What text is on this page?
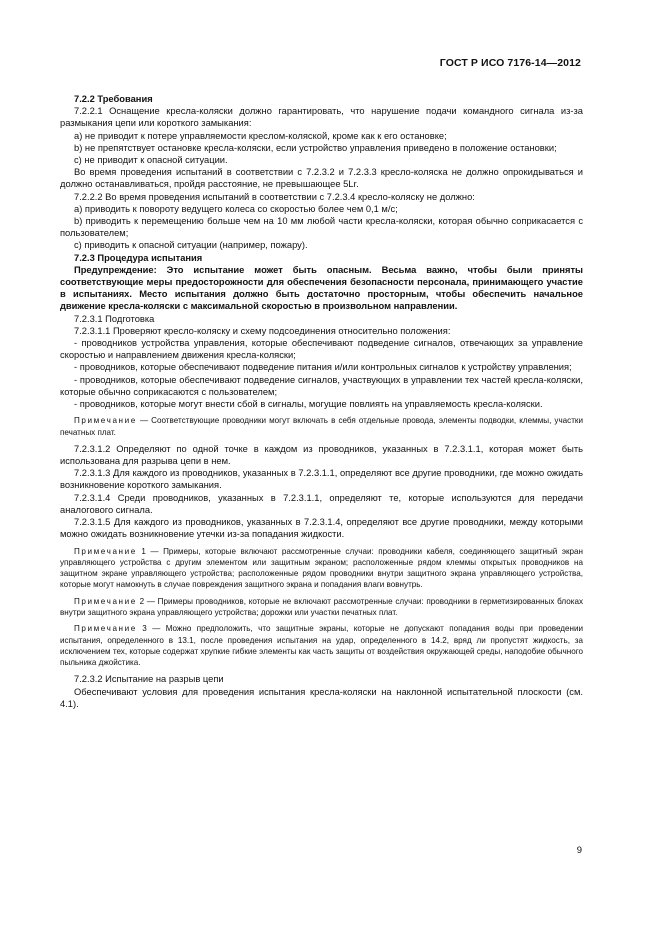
ГОСТ Р ИСО 7176-14—2012

7.2.2 Требования

7.2.2.1 Оснащение кресла-коляски должно гарантировать, что нарушение подачи командного сигнала из-за размыкания цепи или короткого замыкания:

a) не приводит к потере управляемости креслом-коляской, кроме как к его остановке;

b) не препятствует остановке кресла-коляски, если устройство управления приведено в положение остановки;

c) не приводит к опасной ситуации.

Во время проведения испытаний в соответствии с 7.2.3.2 и 7.2.3.3 кресло-коляска не должно опрокидываться и должно останавливаться, пройдя расстояние, не превышающее 5Lr.

7.2.2.2 Во время проведения испытаний в соответствии с 7.2.3.4 кресло-коляску не должно:

a) приводить к повороту ведущего колеса со скоростью более чем 0,1 м/с;

b) приводить к перемещению больше чем на 10 мм любой части кресла-коляски, которая обычно соприкасается с пользователем;

c) приводить к опасной ситуации (например, пожару).

7.2.3 Процедура испытания

Предупреждение: Это испытание может быть опасным. Весьма важно, чтобы были приняты соответствующие меры предосторожности для обеспечения безопасности персонала, принимающего участие в испытаниях. Место испытания должно быть достаточно просторным, чтобы обеспечить начальное движение кресла-коляски с максимальной скоростью в произвольном направлении.

7.2.3.1 Подготовка

7.2.3.1.1 Проверяют кресло-коляску и схему подсоединения относительно положения:

- проводников устройства управления, которые обеспечивают подведение сигналов, отвечающих за управление скоростью и направлением движения кресла-коляски;

- проводников, которые обеспечивают подведение питания и/или контрольных сигналов к устройству управления;

- проводников, которые обеспечивают подведение сигналов, участвующих в управлении тех частей кресла-коляски, которые обычно соприкасаются с пользователем;

- проводников, которые могут внести сбой в сигналы, могущие повлиять на управляемость кресла-коляски.

Примечание — Соответствующие проводники могут включать в себя отдельные провода, элементы подводки, клеммы, участки печатных плат.

7.2.3.1.2 Определяют по одной точке в каждом из проводников, указанных в 7.2.3.1.1, которая может быть использована для разрыва цепи в нем.

7.2.3.1.3 Для каждого из проводников, указанных в 7.2.3.1.1, определяют все другие проводники, где можно ожидать возникновение короткого замыкания.

7.2.3.1.4 Среди проводников, указанных в 7.2.3.1.1, определяют те, которые используются для передачи аналогового сигнала.

7.2.3.1.5 Для каждого из проводников, указанных в 7.2.3.1.4, определяют все другие проводники, между которыми можно ожидать возникновение утечки из-за попадания жидкости.

Примечание 1 — Примеры, которые включают рассмотренные случаи: проводники кабеля, соединяющего защитный экран управляющего устройства с другим элементом или защитным экраном; расположенные рядом клеммы открытых проводников на защитном экране управляющего устройства; расположенные рядом проводники внутри защитного экрана управляющего устройства, которые могут намокнуть в случае повреждения защитного экрана и попадания влаги вовнутрь.

Примечание 2 — Примеры проводников, которые не включают рассмотренные случаи: проводники в герметизированных блоках внутри защитного экрана управляющего устройства; дорожки или участки печатных плат.

Примечание 3 — Можно предположить, что защитные экраны, которые не допускают попадания воды при проведении испытания, определенного в 13.1, после проведения испытания на удар, определенного в 14.2, вряд ли пропустят жидкость, за исключением тех, которые содержат хрупкие гибкие элементы как часть защиты от воздействия окружающей среды, наподобие обычного пыльника джойстика.

7.2.3.2 Испытание на разрыв цепи

Обеспечивают условия для проведения испытания кресла-коляски на наклонной испытательной плоскости (см. 4.1).

9
